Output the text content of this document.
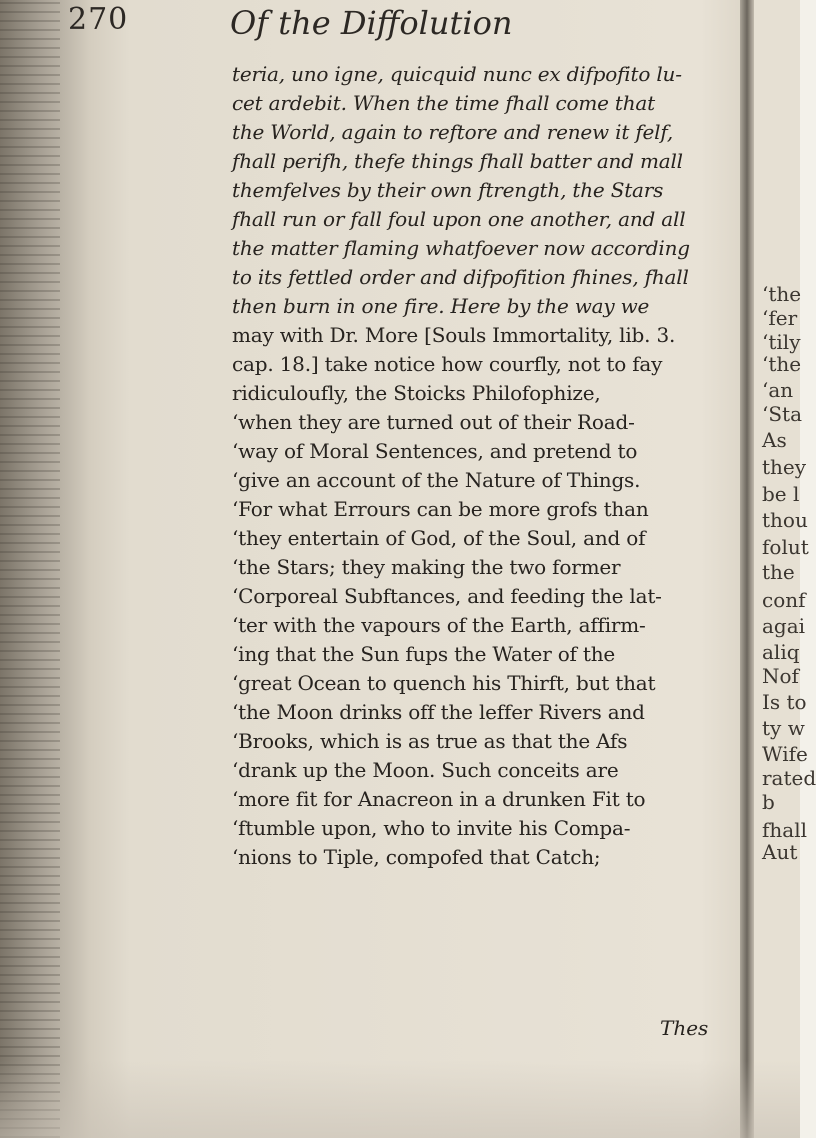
270	Of the Diffolution
teria, uno igne, quicquid nunc ex difpofito lu-
cet ardebit. When the time fhall come that
the World, again to reftore and renew it felf,
fhall perifh, thefe things fhall batter and mall
themfelves by their own ftrength, the Stars
fhall run or fall foul upon one another, and all
the matter flaming whatfoever now according
to its fettled order and difpofition fhines, fhall
then burn in one fire. Here by the way we
may with Dr. More [Souls Immortality, lib. 3.
cap. 18.] take notice how courfly, not to fay
ridiculoufly, the Stoicks Philofophize,
‘when they are turned out of their Road-
‘way of Moral Sentences, and pretend to
‘give an account of the Nature of Things.
‘For what Errours can be more grofs than
‘they entertain of God, of the Soul, and of
‘the Stars; they making the two former
‘Corporeal Subftances, and feeding the lat-
‘ter with the vapours of the Earth, affirm-
‘ing that the Sun fups the Water of the
‘great Ocean to quench his Thirft, but that
‘the Moon drinks off the leffer Rivers and
‘Brooks, which is as true as that the Afs
‘drank up the Moon. Such conceits are
‘more fit for Anacreon in a drunken Fit to
‘ftumble upon, who to invite his Compa-
‘nions to Tiple, compofed that Catch;
Thes
‘the
‘fer
‘tily
‘the
‘an
‘Sta
As
they
be l
thou
folut
the
conf
agai
aliq
Nof
Is to
ty w
Wife
rated
b
fhall
Aut
